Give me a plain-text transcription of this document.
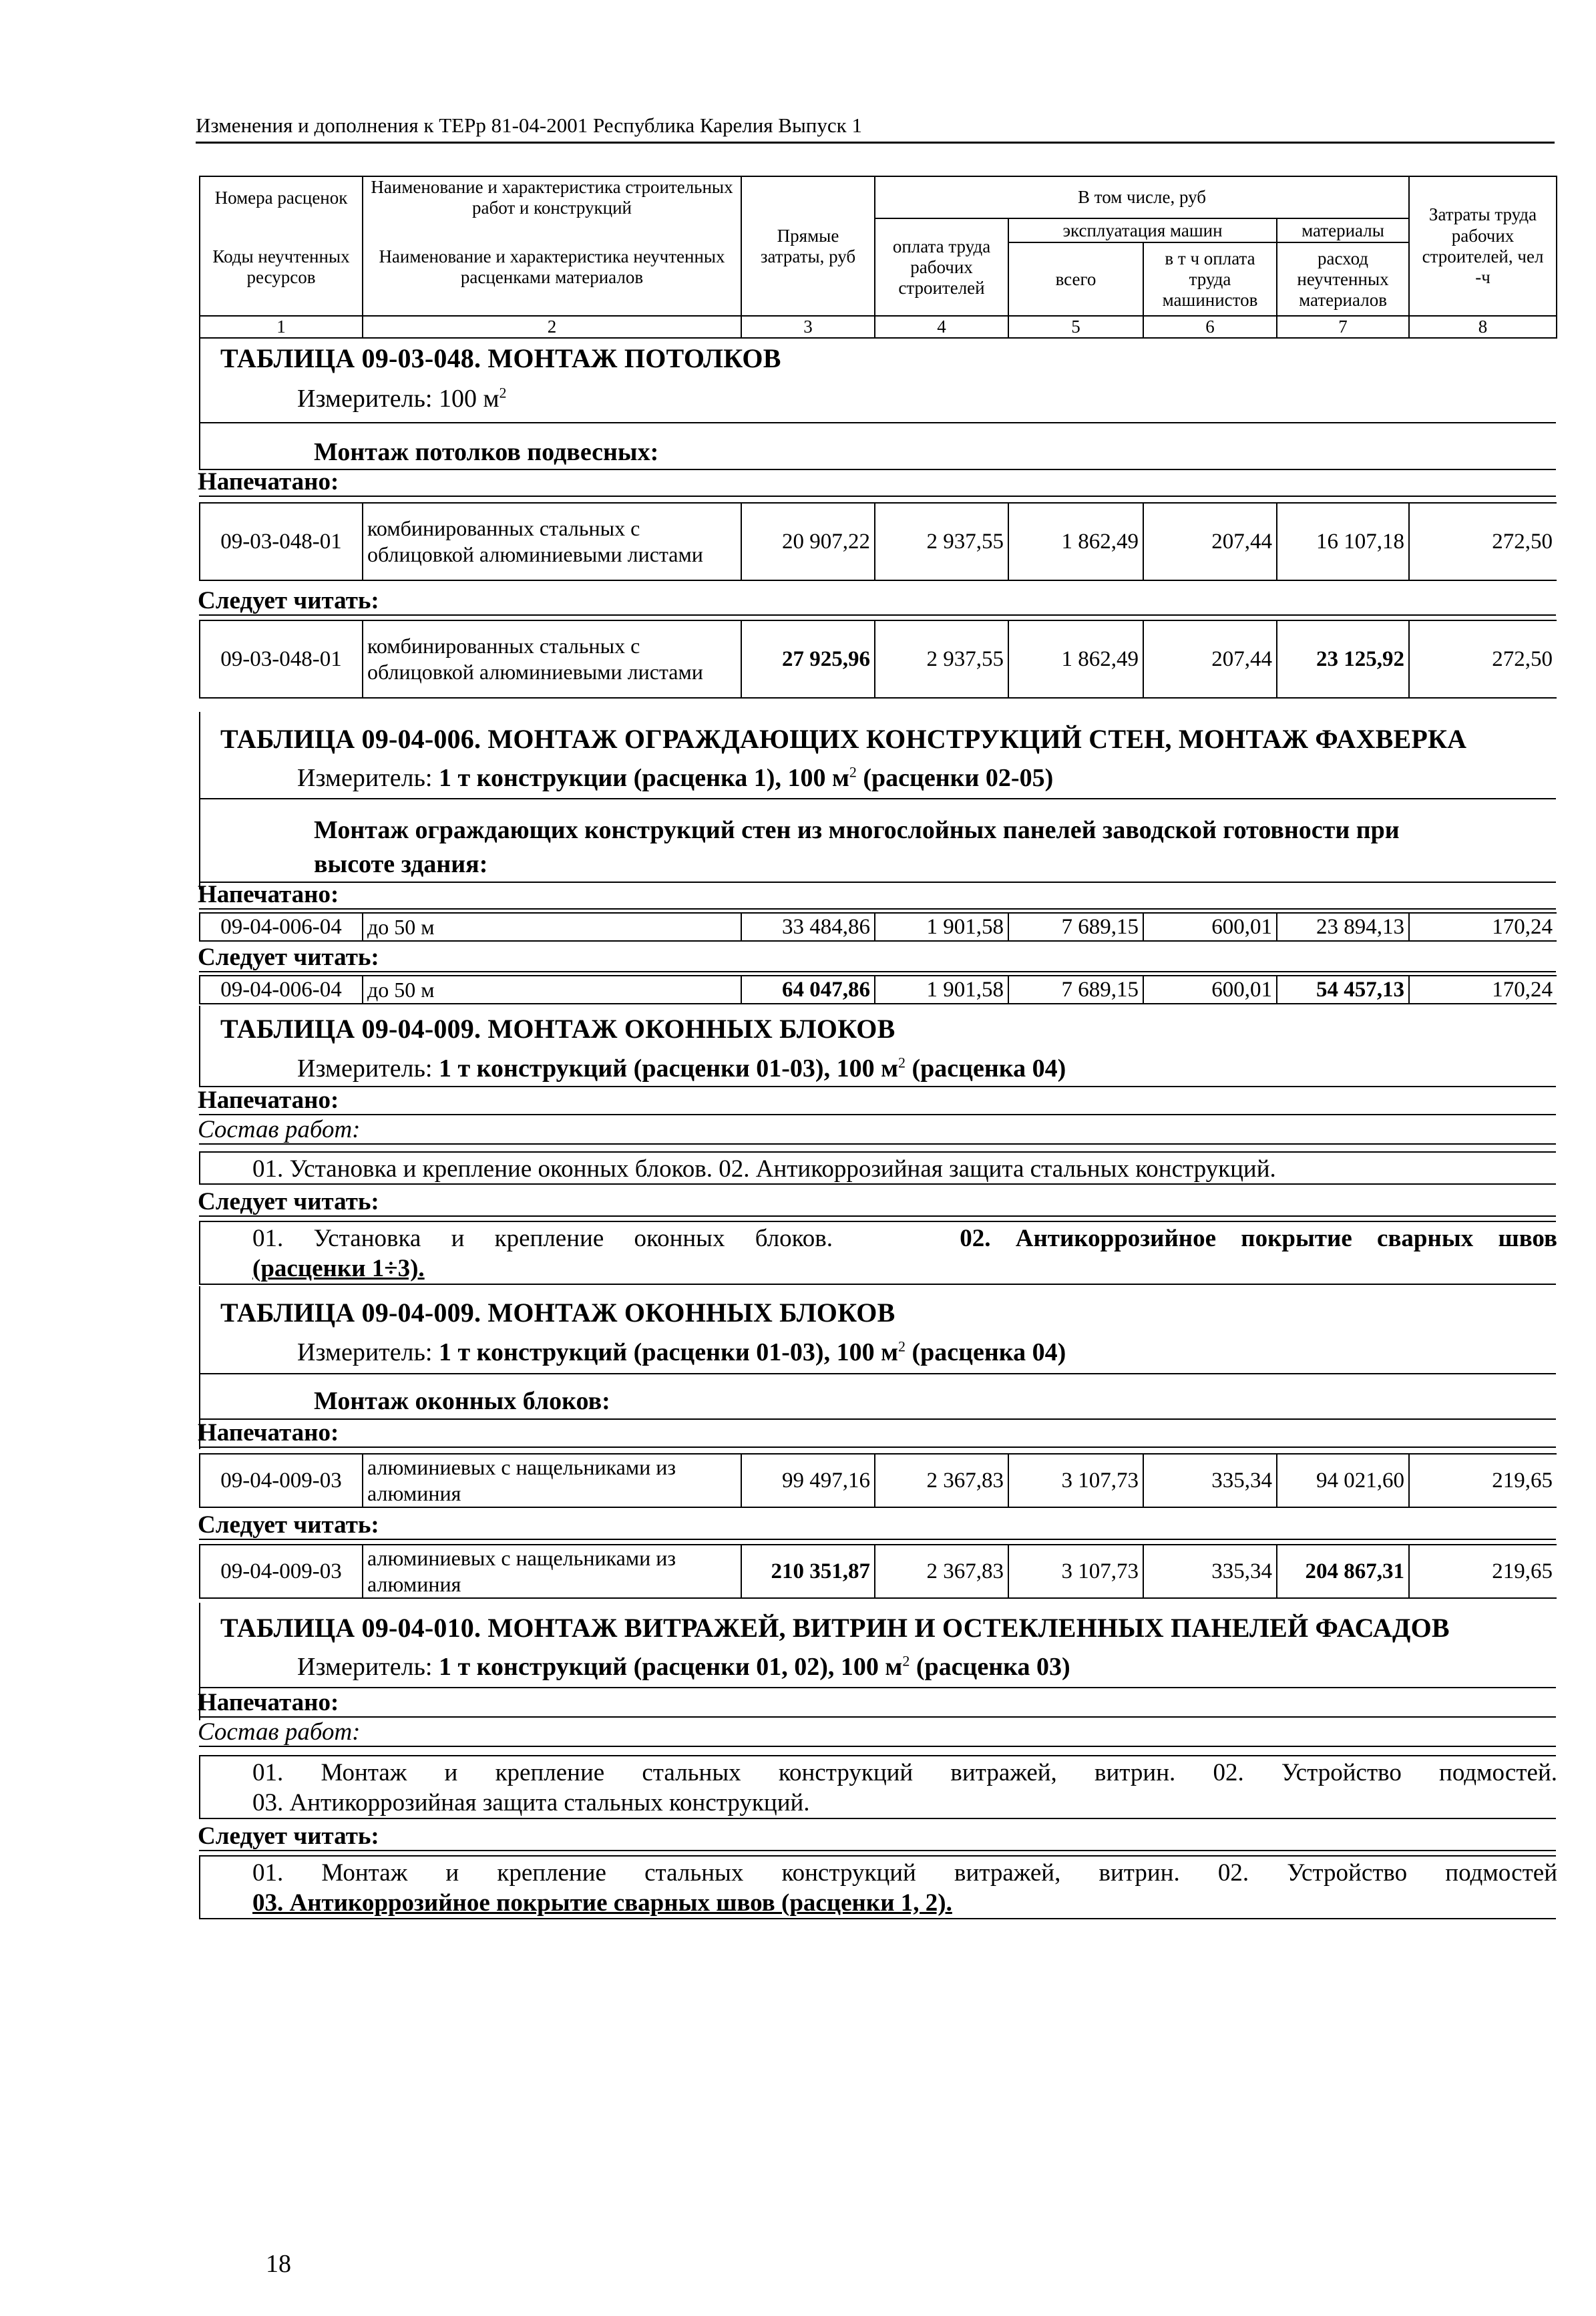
Изменения и дополнения к ТЕРр 81-04-2001 Республика Карелия Выпуск 1
Номера расценок	Наименование и характеристика строительных работ и конструкций	Прямые затраты, руб	В том числе, руб				Затраты труда рабочих строителей, чел -ч
Коды неучтенных ресурсов	Наименование и характеристика неучтенных расценками материалов		оплата труда рабочих строителей	эксплуатация машин		материалы	
				всего	в т ч оплата труда машинистов	расход неучтенных материалов	
1	2	3	4	5	6	7	8
ТАБЛИЦА 09-03-048. МОНТАЖ ПОТОЛКОВ
Измеритель: 100 $м^2$
Монтаж потолков подвесных:
Напечатано:
09-03-048-01	комбинированных стальных с облицовкой алюминиевыми листами	20 907,22	2 937,55	1 862,49	207,44	16 107,18	272,50
Следует читать:
09-03-048-01	комбинированных стальных с облицовкой алюминиевыми листами	27 925,96	2 937,55	1 862,49	207,44	23 125,92	272,50
ТАБЛИЦА 09-04-006. МОНТАЖ ОГРАЖДАЮЩИХ КОНСТРУКЦИЙ СТЕН, МОНТАЖ ФАХВЕРКА
Измеритель: 1 т конструкции (расценка 1), 100 $м^2$ (расценки 02-05)
Монтаж ограждающих конструкций стен из многослойных панелей заводской готовности при
высоте здания:
Напечатано:
09-04-006-04	до 50 м	33 484,86	1 901,58	7 689,15	600,01	23 894,13	170,24
Следует читать:
09-04-006-04	до 50 м	64 047,86	1 901,58	7 689,15	600,01	54 457,13	170,24
ТАБЛИЦА 09-04-009. МОНТАЖ ОКОННЫХ БЛОКОВ
Измеритель: 1 т конструкций (расценки 01-03), 100 $м^2$ (расценка 04)
Напечатано:
Состав работ:
01. Установка и крепление оконных блоков. 02. Антикоррозийная защита стальных конструкций.
Следует читать:
01. Установка и крепление оконных блоков.	02. Антикоррозийное покрытие сварных швов
(расценки 1÷3).
ТАБЛИЦА 09-04-009. МОНТАЖ ОКОННЫХ БЛОКОВ
Измеритель: 1 т конструкций (расценки 01-03), 100 $м^2$ (расценка 04)
Монтаж оконных блоков:
Напечатано:
09-04-009-03	алюминиевых с нащельниками из алюминия	99 497,16	2 367,83	3 107,73	335,34	94 021,60	219,65
Следует читать:
09-04-009-03	алюминиевых с нащельниками из алюминия	210 351,87	2 367,83	3 107,73	335,34	204 867,31	219,65
ТАБЛИЦА 09-04-010. МОНТАЖ ВИТРАЖЕЙ, ВИТРИН И ОСТЕКЛЕННЫХ ПАНЕЛЕЙ ФАСАДОВ
Измеритель: 1 т конструкций (расценки 01, 02), 100 $м^2$ (расценка 03)
Напечатано:
Состав работ:
01. Монтаж и крепление стальных конструкций витражей, витрин. 02. Устройство подмостей.
03. Антикоррозийная защита стальных конструкций.
Следует читать:
01. Монтаж и крепление стальных конструкций витражей, витрин. 02. Устройство подмостей
03. Антикоррозийное покрытие сварных швов (расценки 1, 2).
18
